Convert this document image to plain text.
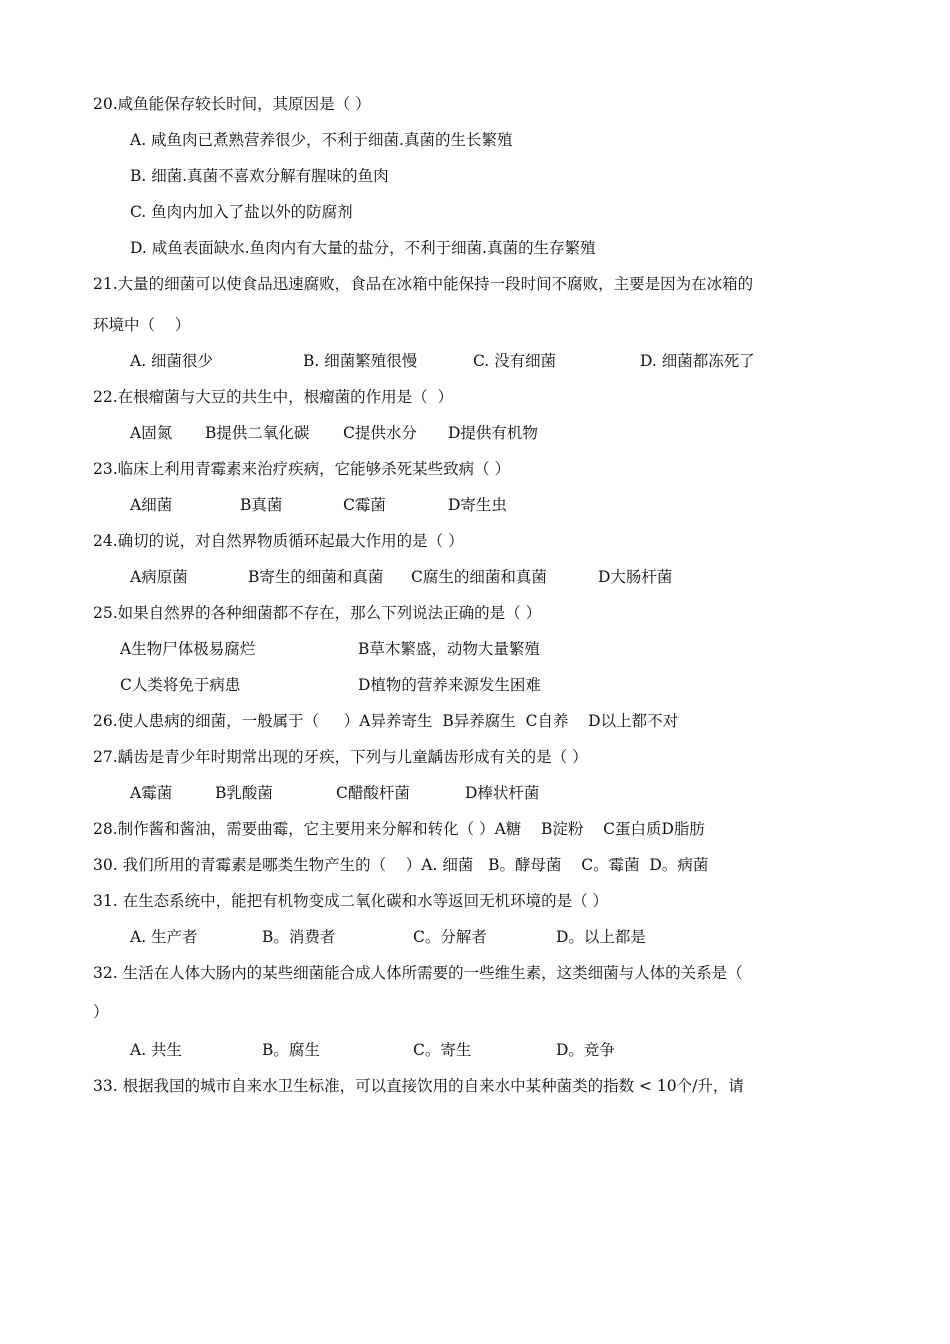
20.咸鱼能保存较长时间，其原因是（ ）
A. 咸鱼肉已煮熟营养很少，不利于细菌.真菌的生长繁殖
B. 细菌.真菌不喜欢分解有腥味的鱼肉
C. 鱼肉内加入了盐以外的防腐剂
D. 咸鱼表面缺水.鱼肉内有大量的盐分，不利于细菌.真菌的生存繁殖
21.大量的细菌可以使食品迅速腐败，食品在冰箱中能保持一段时间不腐败，主要是因为在冰箱的
环境中（    ）
A. 细菌很少	B. 细菌繁殖很慢	C. 没有细菌	D. 细菌都冻死了
22.在根瘤菌与大豆的共生中，根瘤菌的作用是（  ）
A固氮 B提供二氧化碳 C提供水分 D提供有机物
23.临床上利用青霉素来治疗疾病，它能够杀死某些致病（ ）
A细菌	B真菌	C霉菌	D寄生虫
24.确切的说，对自然界物质循环起最大作用的是（ ）
A病原菌	B寄生的细菌和真菌 C腐生的细菌和真菌	D大肠杆菌
25.如果自然界的各种细菌都不存在，那么下列说法正确的是（ ）
A生物尸体极易腐烂	B草木繁盛，动物大量繁殖
C人类将免于病患	D植物的营养来源发生困难
26.使人患病的细菌，一般属于（     ）A异养寄生  B异养腐生  C自养    D以上都不对
27.龋齿是青少年时期常出现的牙疾，下列与儿童龋齿形成有关的是（ ）
A霉菌	B乳酸菌	C醋酸杆菌	D棒状杆菌
28.制作酱和酱油，需要曲霉，它主要用来分解和转化（ ）A糖    B淀粉    C蛋白质D脂肪
30. 我们所用的青霉素是哪类生物产生的（    ）A. 细菌   B。酵母菌    C。霉菌  D。病菌
31. 在生态系统中，能把有机物变成二氧化碳和水等返回无机环境的是（ ）
A. 生产者	B。消费者	C。分解者	D。以上都是
32. 生活在人体大肠内的某些细菌能合成人体所需要的一些维生素，这类细菌与人体的关系是（
）
A. 共生	B。腐生	C。寄生	D。竞争
33. 根据我国的城市自来水卫生标准，可以直接饮用的自来水中某种菌类的指数 < 10个/升，请
